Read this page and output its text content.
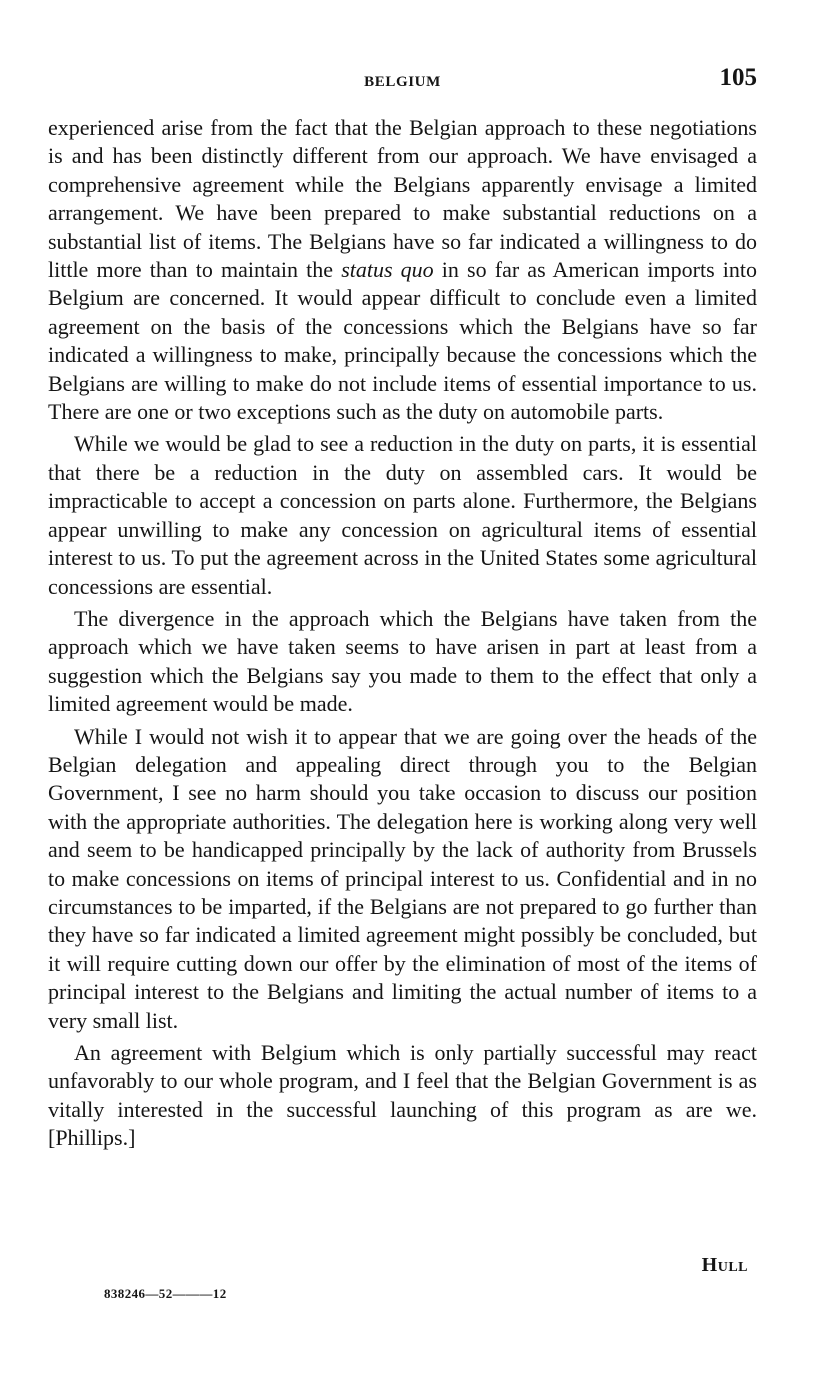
BELGIUM	105

experienced arise from the fact that the Belgian approach to these negotiations is and has been distinctly different from our approach. We have envisaged a comprehensive agreement while the Belgians apparently envisage a limited arrangement. We have been prepared to make substantial reductions on a substantial list of items. The Belgians have so far indicated a willingness to do little more than to maintain the status quo in so far as American imports into Belgium are concerned. It would appear difficult to conclude even a limited agreement on the basis of the concessions which the Belgians have so far indicated a willingness to make, principally because the concessions which the Belgians are willing to make do not include items of essential importance to us. There are one or two exceptions such as the duty on automobile parts.

While we would be glad to see a reduction in the duty on parts, it is essential that there be a reduction in the duty on assembled cars. It would be impracticable to accept a concession on parts alone. Furthermore, the Belgians appear unwilling to make any concession on agricultural items of essential interest to us. To put the agreement across in the United States some agricultural concessions are essential.

The divergence in the approach which the Belgians have taken from the approach which we have taken seems to have arisen in part at least from a suggestion which the Belgians say you made to them to the effect that only a limited agreement would be made.

While I would not wish it to appear that we are going over the heads of the Belgian delegation and appealing direct through you to the Belgian Government, I see no harm should you take occasion to discuss our position with the appropriate authorities. The delegation here is working along very well and seem to be handicapped principally by the lack of authority from Brussels to make concessions on items of principal interest to us. Confidential and in no circumstances to be imparted, if the Belgians are not prepared to go further than they have so far indicated a limited agreement might possibly be concluded, but it will require cutting down our offer by the elimination of most of the items of principal interest to the Belgians and limiting the actual number of items to a very small list.

An agreement with Belgium which is only partially successful may react unfavorably to our whole program, and I feel that the Belgian Government is as vitally interested in the successful launching of this program as are we. [Phillips.]

Hull
838246—52———12
